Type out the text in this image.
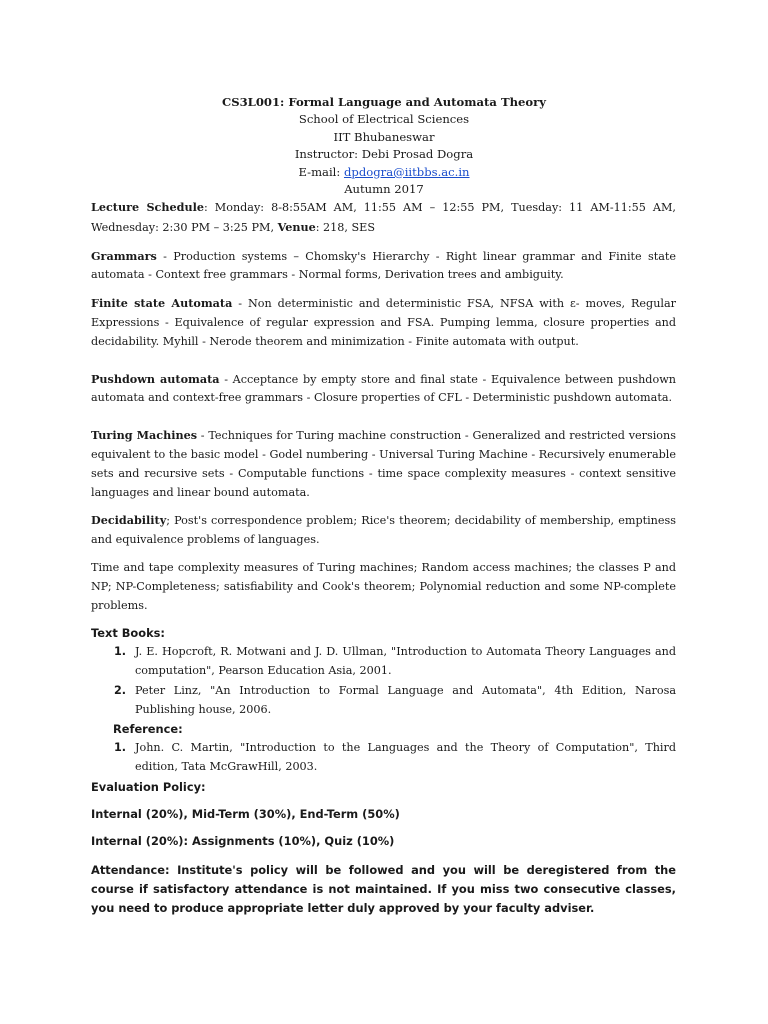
CS3L001: Formal Language and Automata Theory
School of Electrical Sciences
IIT Bhubaneswar
Instructor: Debi Prosad Dogra
E-mail: dpdogra@iitbbs.ac.in
Autumn 2017

Lecture Schedule: Monday: 8-8:55AM AM, 11:55 AM – 12:55 PM, Tuesday: 11 AM-11:55 AM, Wednesday: 2:30 PM – 3:25 PM, Venue: 218, SES

Grammars - Production systems – Chomsky's Hierarchy - Right linear grammar and Finite state automata - Context free grammars - Normal forms, Derivation trees and ambiguity.

Finite state Automata - Non deterministic and deterministic FSA, NFSA with ε- moves, Regular Expressions - Equivalence of regular expression and FSA. Pumping lemma, closure properties and decidability. Myhill - Nerode theorem and minimization - Finite automata with output.

Pushdown automata - Acceptance by empty store and final state - Equivalence between pushdown automata and context-free grammars - Closure properties of CFL - Deterministic pushdown automata.

Turing Machines - Techniques for Turing machine construction - Generalized and restricted versions equivalent to the basic model - Godel numbering - Universal Turing Machine - Recursively enumerable sets and recursive sets - Computable functions - time space complexity measures - context sensitive languages and linear bound automata.

Decidability; Post's correspondence problem; Rice's theorem; decidability of membership, emptiness and equivalence problems of languages.

Time and tape complexity measures of Turing machines; Random access machines; the classes P and NP; NP-Completeness; satisfiability and Cook's theorem; Polynomial reduction and some NP-complete problems.

Text Books:
1. J. E. Hopcroft, R. Motwani and J. D. Ullman, "Introduction to Automata Theory Languages and computation", Pearson Education Asia, 2001.
2. Peter Linz, "An Introduction to Formal Language and Automata", 4th Edition, Narosa Publishing house, 2006.
Reference:
1. John. C. Martin, "Introduction to the Languages and the Theory of Computation", Third edition, Tata McGrawHill, 2003.
Evaluation Policy:
Internal (20%), Mid-Term (30%), End-Term (50%)
Internal (20%): Assignments (10%), Quiz (10%)

Attendance: Institute's policy will be followed and you will be deregistered from the course if satisfactory attendance is not maintained. If you miss two consecutive classes, you need to produce appropriate letter duly approved by your faculty adviser.
